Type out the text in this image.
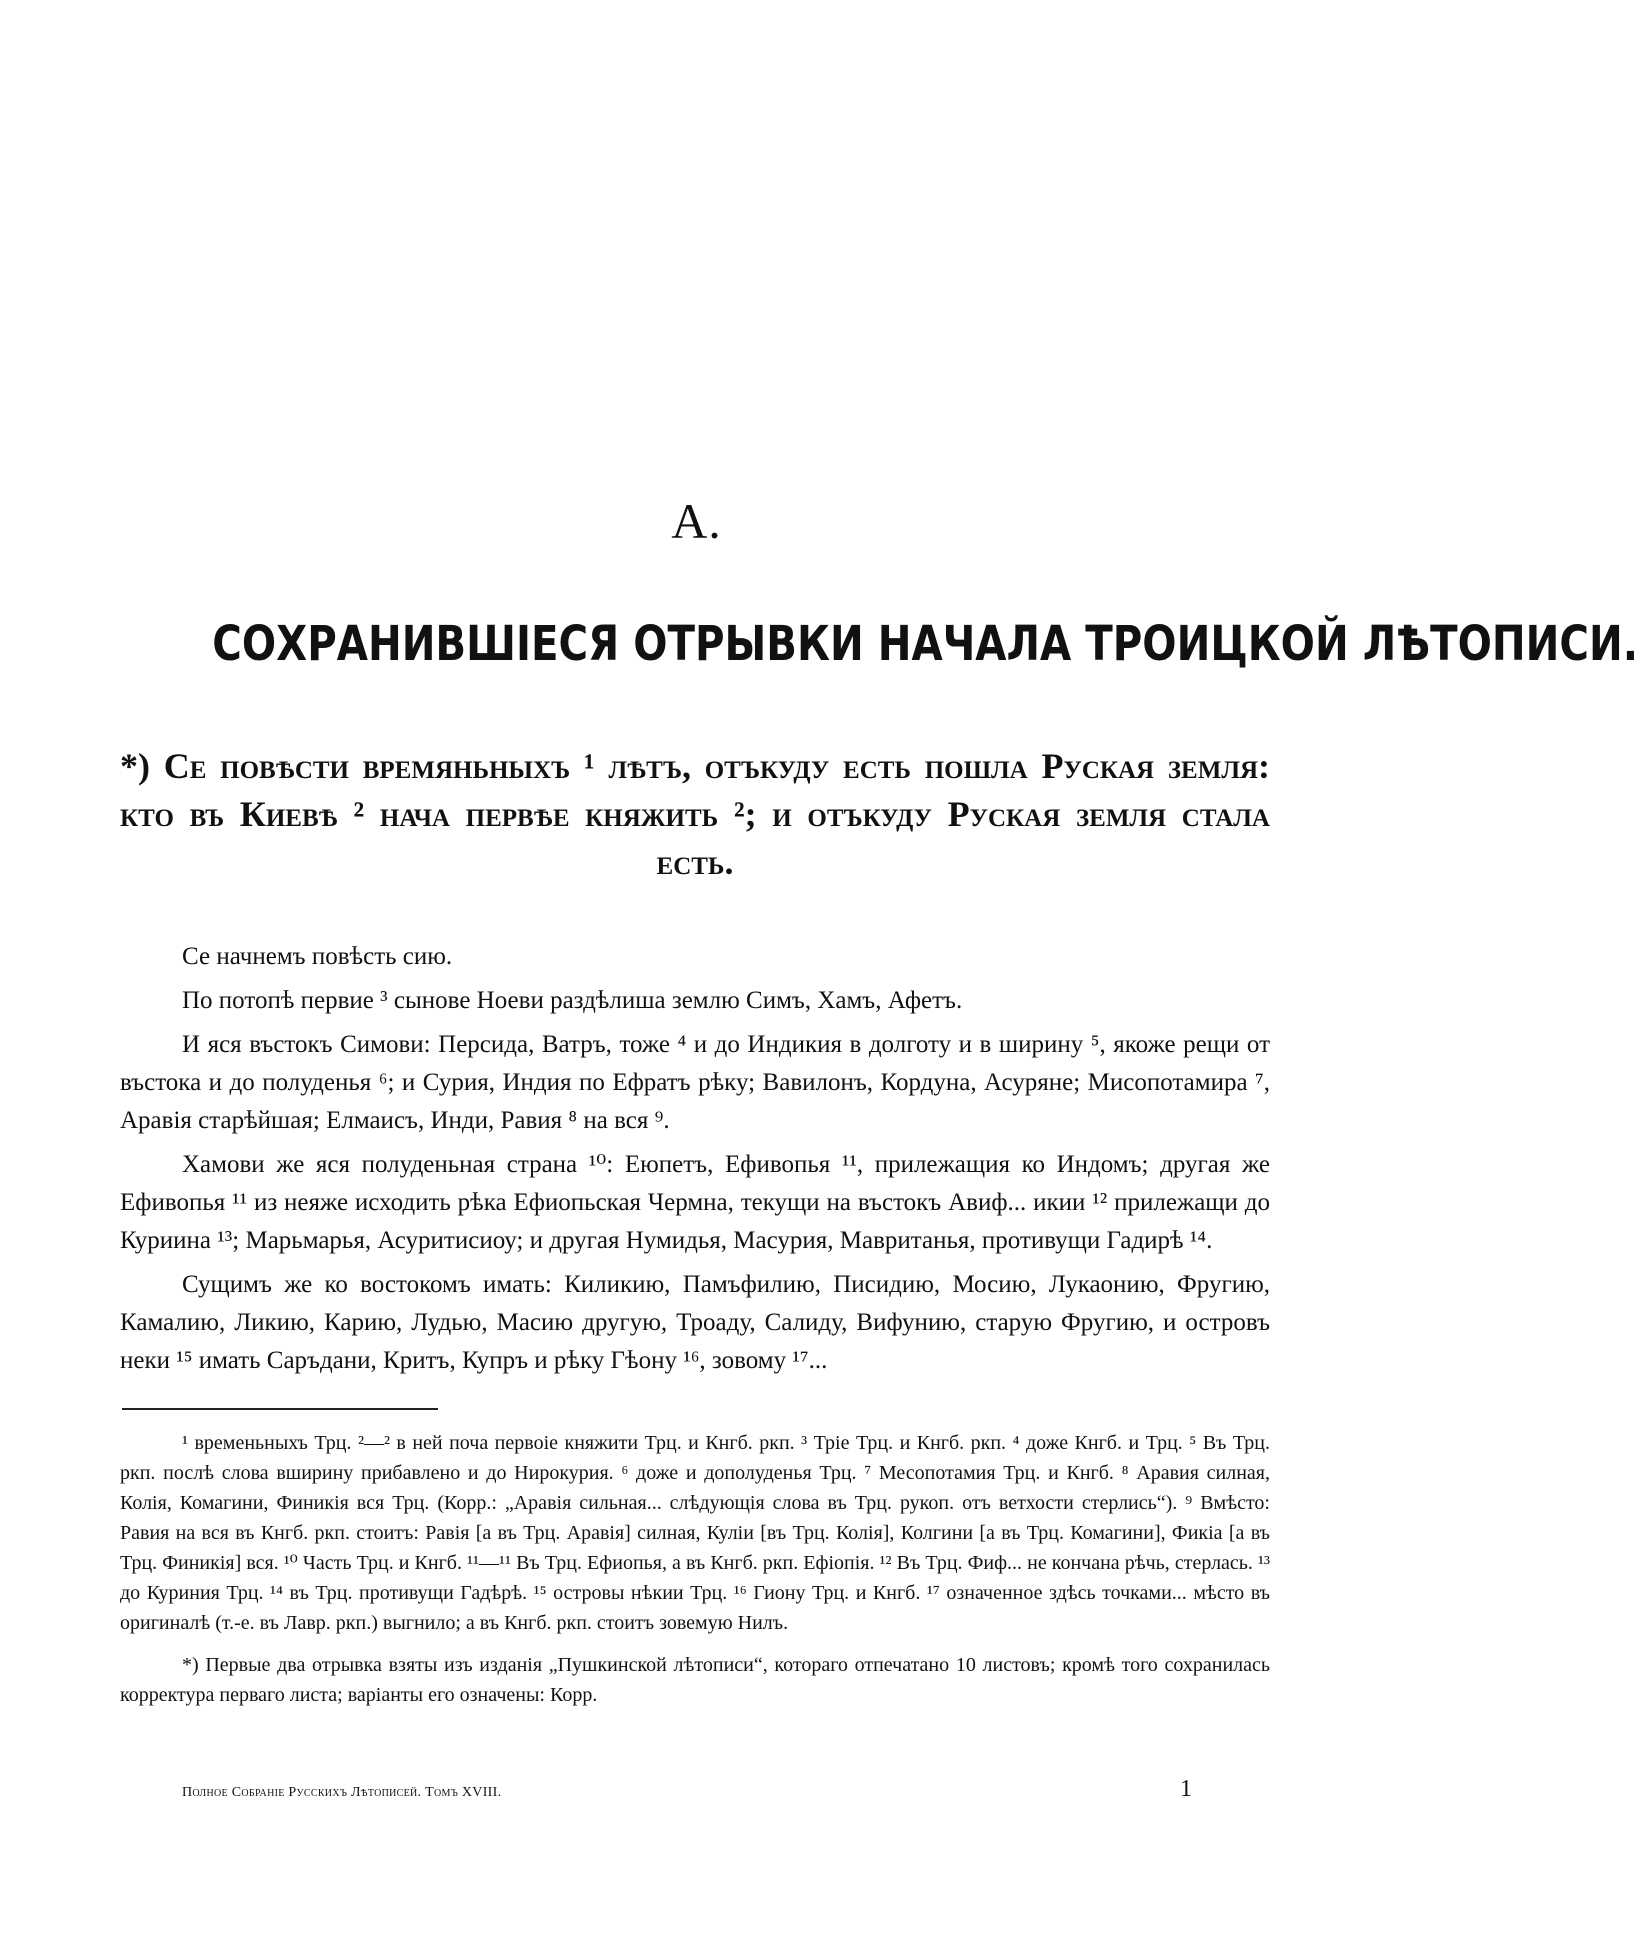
А.
СОХРАНИВШІЕСЯ ОТРЫВКИ НАЧАЛА ТРОИЦКОЙ ЛѢТОПИСИ.
*) Се повѣсти времяньныхъ ¹ лѣтъ, отъкуду есть пошла Руская земля: кто въ Киевѣ ² нача первѣе княжить ²; и отъкуду Руская земля стала есть.

Се начнемъ повѣсть сию.

По потопѣ первие ³ сынове Ноеви раздѣлиша землю Симъ, Хамъ, Афетъ.

И яся въстокъ Симови: Персида, Ватръ, тоже ⁴ и до Индикия в долготу и в ширину ⁵, якоже рещи от въстока и до полуденья ⁶; и Сурия, Индия по Ефратъ рѣку; Вавилонъ, Кордуна, Асуряне; Мисопотамира ⁷, Аравія старѣйшая; Елмаисъ, Инди, Равия ⁸ на вся ⁹.

Хамови же яся полуденьная страна ¹⁰: Еюпетъ, Ефивопья ¹¹, прилежащия ко Индомъ; другая же Ефивопья ¹¹ из неяже исходить рѣка Ефиопьская Чермна, текущи на въстокъ Авиф... икии ¹² прилежащи до Куриина ¹³; Марьмарья, Асуритисиоу; и другая Нумидья, Масурия, Мавританья, противущи Гадирѣ ¹⁴.

Сущимъ же ко востокомъ имать: Киликию, Памъфилию, Писидию, Мосию, Лукаонию, Фругию, Камалию, Ликию, Карию, Лудью, Масию другую, Троаду, Салиду, Вифунию, старую Фругию, и островъ неки ¹⁵ имать Саръдани, Критъ, Купръ и рѣку Гѣону ¹⁶, зовому ¹⁷...

¹ временьныхъ Трц. ²—² в ней поча первоіе княжити Трц. и Кнгб. ркп. ³ Тріе Трц. и Кнгб. ркп. ⁴ доже Кнгб. и Трц. ⁵ Въ Трц. ркп. послѣ слова вширину прибавлено и до Нирокурия. ⁶ доже и дополуденья Трц. ⁷ Месопотамия Трц. и Кнгб. ⁸ Аравия силная, Колія, Комагини, Финикія вся Трц. (Корр.: „Аравія сильная... слѣдующія слова въ Трц. рукоп. отъ ветхости стерлись“). ⁹ Вмѣсто: Равия на вся въ Кнгб. ркп. стоитъ: Равія [а въ Трц. Аравія] силная, Куліи [въ Трц. Колія], Колгини [а въ Трц. Комагини], Фикіа [а въ Трц. Финикія] вся. ¹⁰ Часть Трц. и Кнгб. ¹¹—¹¹ Въ Трц. Ефиопья, а въ Кнгб. ркп. Ефіопія. ¹² Въ Трц. Фиф... не кончана рѣчь, стерлась. ¹³ до Куриния Трц. ¹⁴ въ Трц. противущи Гадѣрѣ. ¹⁵ островы нѣкии Трц. ¹⁶ Гиону Трц. и Кнгб. ¹⁷ означенное здѣсь точками... мѣсто въ оригиналѣ (т.-е. въ Лавр. ркп.) выгнило; а въ Кнгб. ркп. стоитъ зовемую Нилъ.

*) Первые два отрывка взяты изъ изданія „Пушкинской лѣтописи“, котораго отпечатано 10 листовъ; кромѣ того сохранилась корректура перваго листа; варіанты его означены: Корр.

Полное Собраніе Русскихъ Лѣтописей. Томъ XVIII.	1
